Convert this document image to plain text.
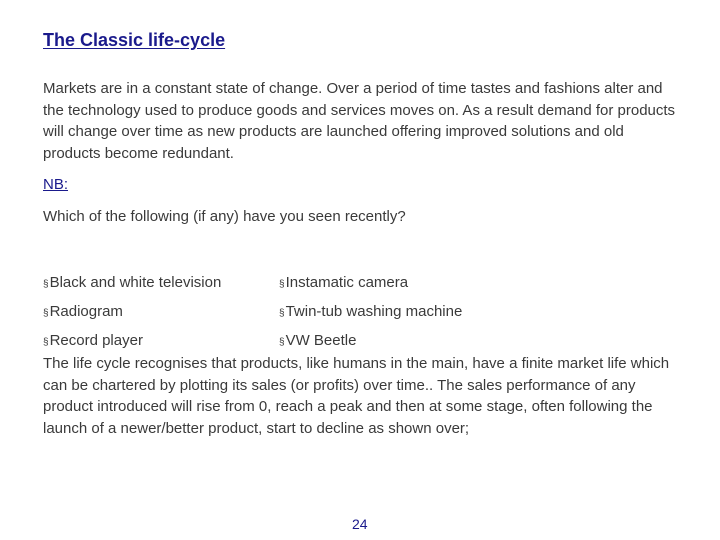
The Classic life-cycle

Markets are in a constant state of change. Over a period of time tastes and fashions alter and the technology used to produce goods and services moves on. As a result demand for products will change over time as new products are launched offering improved solutions and old products become redundant.

NB:

Which of the following (if any) have you seen recently?

§ Black and white television	§ Instamatic camera
§ Radiogram	§ Twin-tub washing machine
§ Record player	§ VW Beetle

The life cycle recognises that products, like humans in the main, have a finite market life which can be chartered by plotting its sales (or profits) over time.. The sales performance of any product introduced will rise from 0, reach a peak and then at some stage, often following the launch of a newer/better product, start to decline as shown over;

24
